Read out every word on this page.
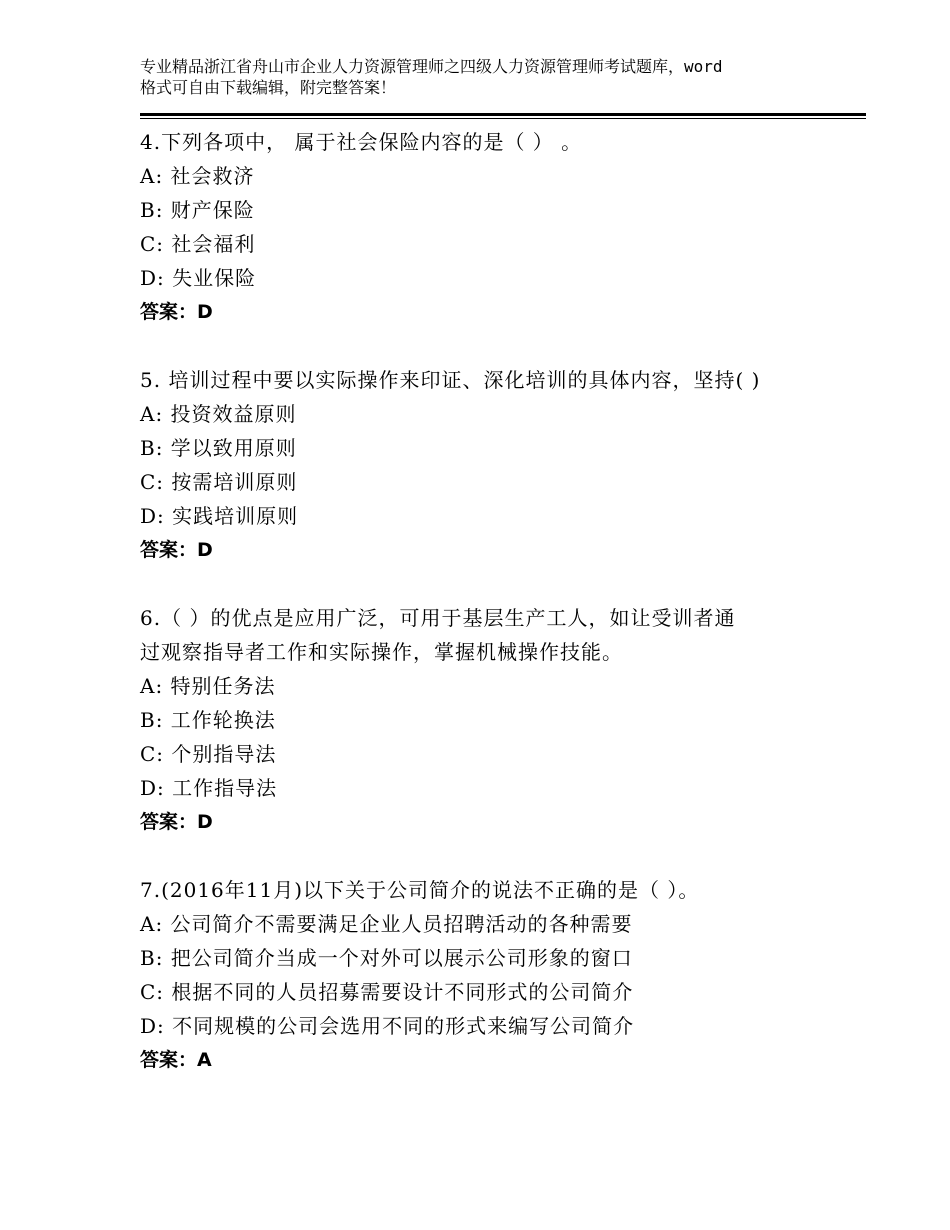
专业精品浙江省舟山市企业人力资源管理师之四级人力资源管理师考试题库，word
格式可自由下载编辑，附完整答案！
4.下列各项中， 属于社会保险内容的是（ ） 。
A: 社会救济
B: 财产保险
C: 社会福利
D: 失业保险
答案：D
5. 培训过程中要以实际操作来印证、深化培训的具体内容，坚持( )
A: 投资效益原则
B: 学以致用原则
C: 按需培训原则
D: 实践培训原则
答案：D
6.（ ）的优点是应用广泛，可用于基层生产工人，如让受训者通
过观察指导者工作和实际操作，掌握机械操作技能。
A: 特别任务法
B: 工作轮换法
C: 个别指导法
D: 工作指导法
答案：D
7.(2016年11月)以下关于公司简介的说法不正确的是（ ）。
A: 公司简介不需要满足企业人员招聘活动的各种需要
B: 把公司简介当成一个对外可以展示公司形象的窗口
C: 根据不同的人员招募需要设计不同形式的公司简介
D: 不同规模的公司会选用不同的形式来编写公司简介
答案：A
